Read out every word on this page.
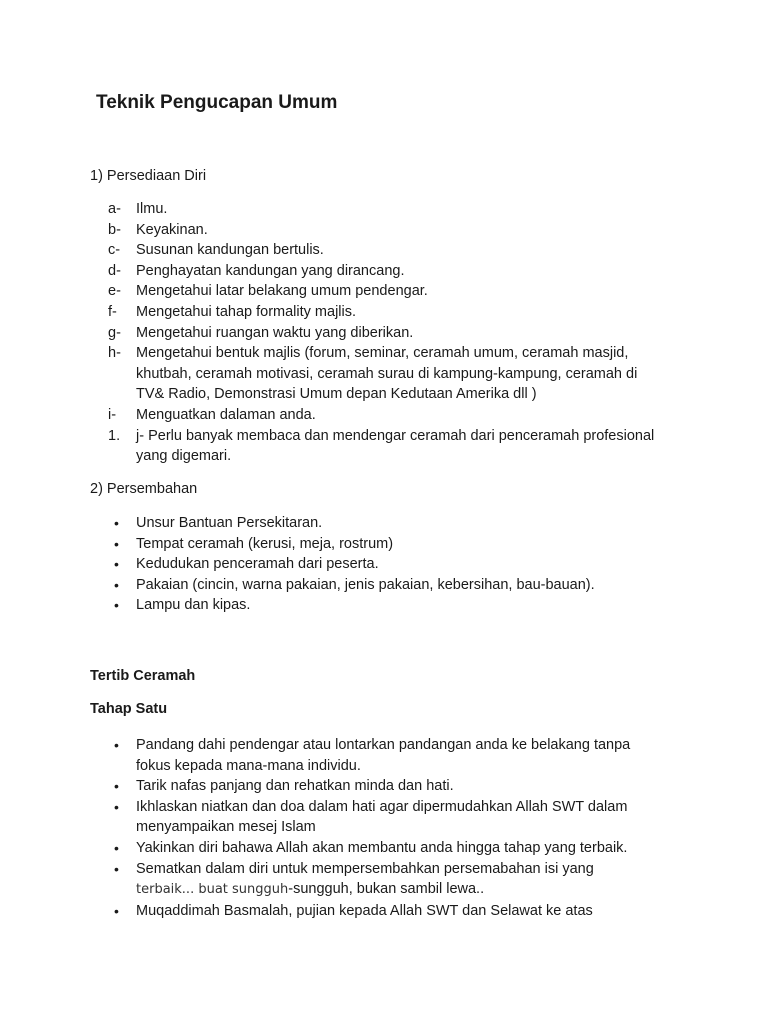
Teknik Pengucapan Umum

1) Persediaan Diri

a- Ilmu.
b- Keyakinan.
c- Susunan kandungan bertulis.
d- Penghayatan kandungan yang dirancang.
e- Mengetahui latar belakang umum pendengar.
f- Mengetahui tahap formality majlis.
g- Mengetahui ruangan waktu yang diberikan.
h- Mengetahui bentuk majlis (forum, seminar, ceramah umum, ceramah masjid, khutbah, ceramah motivasi, ceramah surau di kampung-kampung, ceramah di TV& Radio, Demonstrasi Umum depan Kedutaan Amerika dll )
i- Menguatkan dalaman anda.
1. j- Perlu banyak membaca dan mendengar ceramah dari penceramah profesional yang digemari.

2) Persembahan

• Unsur Bantuan Persekitaran.
• Tempat ceramah (kerusi, meja, rostrum)
• Kedudukan penceramah dari peserta.
• Pakaian (cincin, warna pakaian, jenis pakaian, kebersihan, bau-bauan).
• Lampu dan kipas.

Tertib Ceramah

Tahap Satu

• Pandang dahi pendengar atau lontarkan pandangan anda ke belakang tanpa fokus kepada mana-mana individu.
• Tarik nafas panjang dan rehatkan minda dan hati.
• Ikhlaskan niatkan dan doa dalam hati agar dipermudahkan Allah SWT dalam menyampaikan mesej Islam
• Yakinkan diri bahawa Allah akan membantu anda hingga tahap yang terbaik.
• Sematkan dalam diri untuk mempersembahkan persemabahan isi yang
terbaik... buat sungguh-sungguh, bukan sambil lewa..
• Muqaddimah Basmalah, pujian kepada Allah SWT dan Selawat ke atas
